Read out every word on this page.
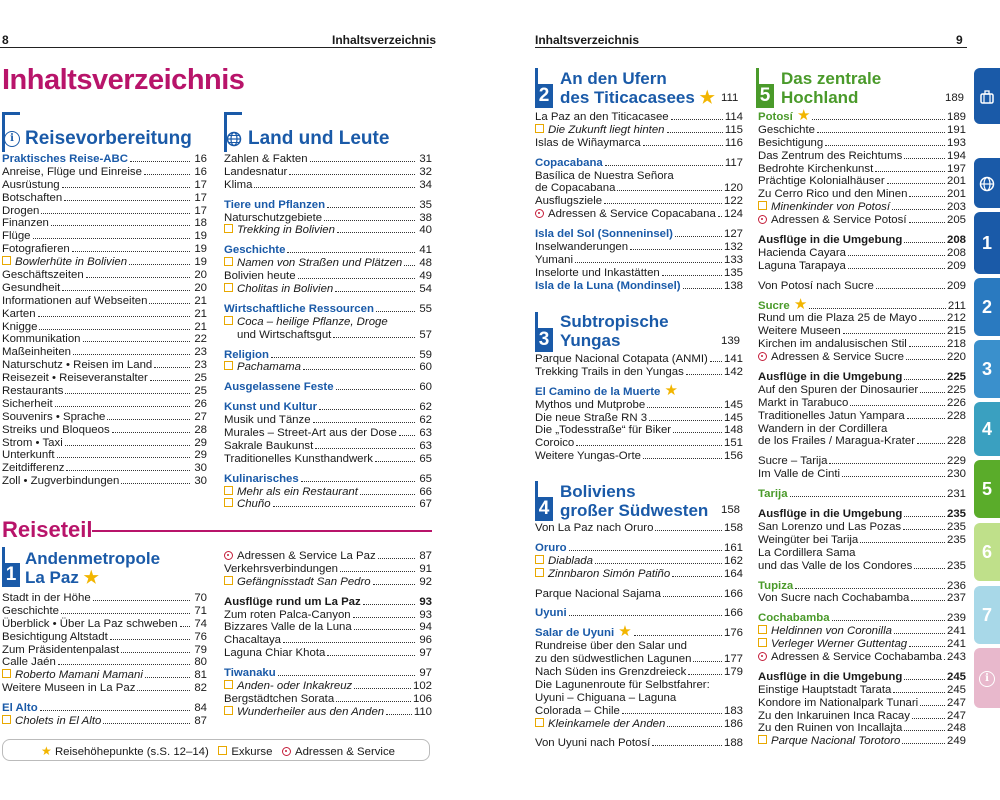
8	Inhaltsverzeichnis	Inhaltsverzeichnis	9
Inhaltsverzeichnis
i Reisevorbereitung
Praktisches Reise-ABC	16
Anreise, Flüge und Einreise	16
Ausrüstung	17
Botschaften	17
Drogen	17
Finanzen	18
Flüge	19
Fotografieren	19
Bowlerhüte in Bolivien	19
Geschäftszeiten	20
Gesundheit	20
Informationen auf Webseiten	21
Karten	21
Knigge	21
Kommunikation	22
Maßeinheiten	23
Naturschutz • Reisen im Land	23
Reisezeit • Reiseveranstalter	25
Restaurants	25
Sicherheit	26
Souvenirs • Sprache	27
Streiks und Bloqueos	28
Strom • Taxi	29
Unterkunft	29
Zeitdifferenz	30
Zoll • Zugverbindungen	30
Land und Leute
Zahlen & Fakten	31
Landesnatur	32
Klima	34
Tiere und Pflanzen	35
Naturschutzgebiete	38
Trekking in Bolivien	40
Geschichte	41
Namen von Straßen und Plätzen 48
Bolivien heute	49
Cholitas in Bolivien	54
Wirtschaftliche Ressourcen	55
Coca – heilige Pflanze, Droge
und Wirtschaftsgut	57
Religion	59
Pachamama	60
Ausgelassene Feste	60
Kunst und Kultur	62
Musik und Tänze	62
Murales – Street-Art aus der Dose 63
Sakrale Baukunst	63
Traditionelles Kunsthandwerk	65
Kulinarisches	65
Mehr als ein Restaurant	66
Chuño	67
Reiseteil
1
Andenmetropole
La Paz ★
Stadt in der Höhe	70
Geschichte	71
Überblick • Über La Paz schweben 74
Besichtigung Altstadt	76
Zum Präsidentenpalast	79
Calle Jaén	80
Roberto Mamani Mamani	81
Weitere Museen in La Paz	82
El Alto	84
Cholets in El Alto	87
Adressen & Service La Paz	87
Verkehrsverbindungen	91
Gefängnisstadt San Pedro	92
Ausflüge rund um La Paz	93
Zum roten Palca-Canyon	93
Bizzares Valle de la Luna	94
Chacaltaya	96
Laguna Chiar Khota	97
Tiwanaku	97
Anden- oder Inkakreuz	102
Bergstädtchen Sorata	106
Wunderheiler aus den Anden	110
★ Reisehöhepunkte (s.S. 12–14) Exkurse Adressen & Service
2
An den Ufern
des Titicacasees ★ 111
La Paz an den Titicacasee	114
Die Zukunft liegt hinten	115
Islas de Wiñaymarca	116
Copacabana	117
Basílica de Nuestra Señora
de Copacabana	120
Ausflugsziele	122
Adressen & Service Copacabana 124
Isla del Sol (Sonneninsel)	127
Inselwanderungen	132
Yumani	133
Inselorte und Inkastätten	135
Isla de la Luna (Mondinsel)	138
3
Subtropische
Yungas	139
Parque Nacional Cotapata (ANMI) 141
Trekking Trails in den Yungas	142
El Camino de la Muerte ★
Mythos und Mutprobe	145
Die neue Straße RN 3	145
Die „Todesstraße“ für Biker	148
Coroico	151
Weitere Yungas-Orte	156
4
Boliviens
großer Südwesten 158
Von La Paz nach Oruro	158
Oruro	161
Diablada	162
Zinnbaron Simón Patiño	164
Parque Nacional Sajama	166
Uyuni	166
Salar de Uyuni ★	176
Rundreise über den Salar und
zu den südwestlichen Lagunen	177
Nach Süden ins Grenzdreieck	179
Die Lagunenroute für Selbstfahrer:
Uyuni – Chiguana – Laguna
Colorada – Chile	183
Kleinkamele der Anden	186
Von Uyuni nach Potosí	188
5
Das zentrale
Hochland	189
Potosí ★	189
Geschichte	191
Besichtigung	193
Das Zentrum des Reichtums	194
Bedrohte Kirchenkunst	197
Prächtige Kolonialhäuser	201
Zu Cerro Rico und den Minen	201
Minenkinder von Potosí	203
Adressen & Service Potosí	205
Ausflüge in die Umgebung	208
Hacienda Cayara	208
Laguna Tarapaya	209
Von Potosí nach Sucre	209
Sucre ★	211
Rund um die Plaza 25 de Mayo	212
Weitere Museen	215
Kirchen im andalusischen Stil	218
Adressen & Service Sucre	220
Ausflüge in die Umgebung	225
Auf den Spuren der Dinosaurier	225
Markt in Tarabuco	226
Traditionelles Jatun Yampara	228
Wandern in der Cordillera
de los Frailes / Maragua-Krater	228
Sucre – Tarija	229
Im Valle de Cinti	230
Tarija	231
Ausflüge in die Umgebung	235
San Lorenzo und Las Pozas	235
Weingüter bei Tarija	235
La Cordillera Sama
und das Valle de los Condores	235
Tupiza	236
Von Sucre nach Cochabamba	237
Cochabamba	239
Heldinnen von Coronilla	241
Verleger Werner Guttentag	241
Adressen & Service Cochabamba 243
Ausflüge in die Umgebung	245
Einstige Hauptstadt Tarata	245
Kondore im Nationalpark Tunari	247
Zu den Inkaruinen Inca Racay	247
Zu den Ruinen von Incallajta	248
Parque Nacional Torotoro	249
1
2
3
4
5
6
7
i
